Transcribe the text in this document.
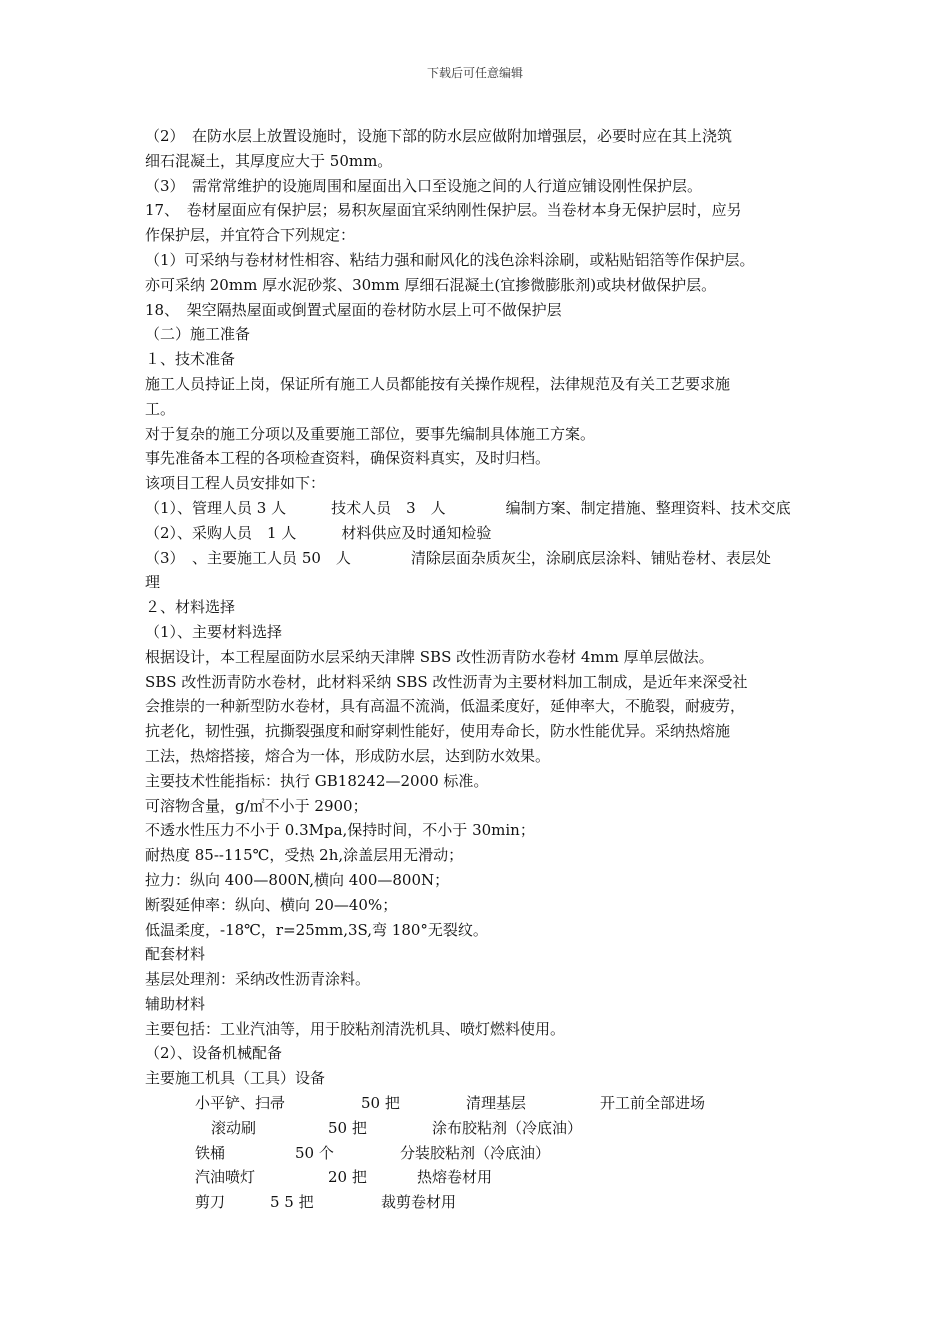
下载后可任意编辑
（2）　在防水层上放置设施时，设施下部的防水层应做附加增强层，必要时应在其上浇筑
细石混凝土，其厚度应大于 50mm。
（3）　需常常维护的设施周围和屋面出入口至设施之间的人行道应铺设刚性保护层。
17、　卷材屋面应有保护层；易积灰屋面宜采纳刚性保护层。当卷材本身无保护层时，应另
作保护层，并宜符合下列规定：
（1）可采纳与卷材材性相容、粘结力强和耐风化的浅色涂料涂刷，或粘贴铝箔等作保护层。
亦可采纳 20mm 厚水泥砂浆、30mm 厚细石混凝土(宜掺微膨胀剂)或块材做保护层。
18、　架空隔热屋面或倒置式屋面的卷材防水层上可不做保护层
（二）施工准备
１、技术准备
施工人员持证上岗，保证所有施工人员都能按有关操作规程，法律规范及有关工艺要求施
工。
对于复杂的施工分项以及重要施工部位，要事先编制具体施工方案。
事先准备本工程的各项检查资料，确保资料真实，及时归档。
该项目工程人员安排如下：
（1）、管理人员 3 人　　　技术人员　3　人　　　　编制方案、制定措施、整理资料、技术交底
（2）、采购人员　1 人　　　材料供应及时通知检验
（3）　、主要施工人员 50　人　　　　清除层面杂质灰尘，涂刷底层涂料、铺贴卷材、表层处
理
２、材料选择
（1）、主要材料选择
根据设计，本工程屋面防水层采纳天津牌 SBS 改性沥青防水卷材 4mm 厚单层做法。
SBS 改性沥青防水卷材，此材料采纳 SBS 改性沥青为主要材料加工制成，是近年来深受社
会推崇的一种新型防水卷材，具有高温不流淌，低温柔度好，延伸率大，不脆裂，耐疲劳，
抗老化，韧性强，抗撕裂强度和耐穿刺性能好，使用寿命长，防水性能优异。采纳热熔施
工法，热熔搭接，熔合为一体，形成防水层，达到防水效果。
主要技术性能指标：执行 GB18242—2000 标准。
可溶物含量，g/㎡不小于 2900；
不透水性压力不小于 0.3Mpa,保持时间，不小于 30min；
耐热度 85--115℃，受热 2h,涂盖层用无滑动；
拉力：纵向 400—800N,横向 400—800N；
断裂延伸率：纵向、横向 20—40%；
低温柔度，-18℃，r=25mm,3S,弯 180°无裂纹。
配套材料
基层处理剂：采纳改性沥青涂料。
辅助材料
主要包括：工业汽油等，用于胶粘剂清洗机具、喷灯燃料使用。
（2）、设备机械配备
主要施工机具（工具）设备
小平铲、扫帚	50 把	清理基层	开工前全部进场
滚动刷	50 把	涂布胶粘剂（冷底油）
铁桶	50 个	分装胶粘剂（冷底油）
汽油喷灯	20 把	热熔卷材用
剪刀	5 5 把	裁剪卷材用
